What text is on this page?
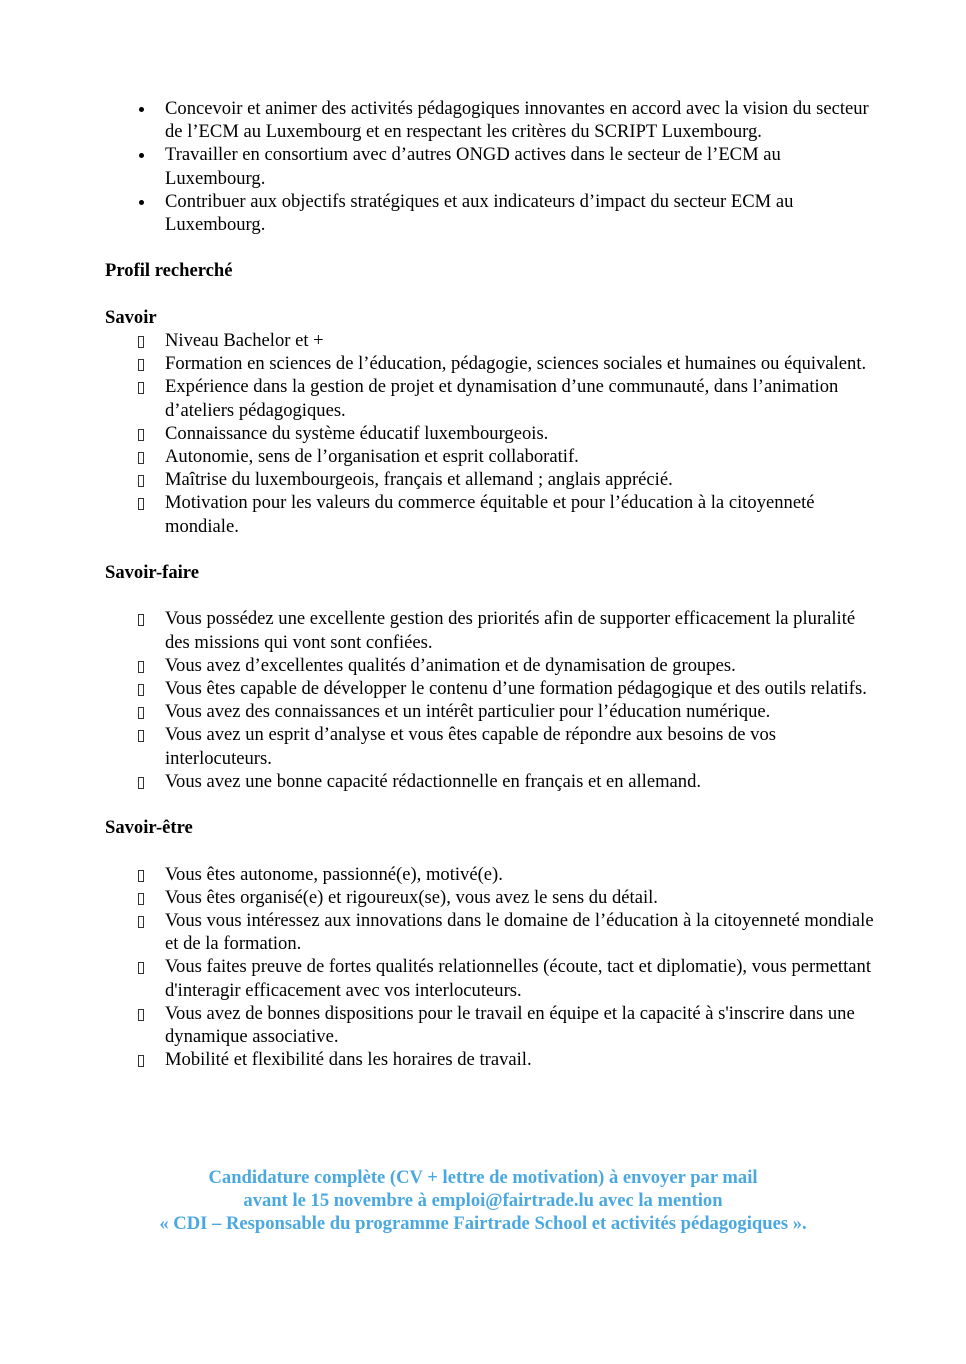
Concevoir et animer des activités pédagogiques innovantes en accord avec la vision du secteur de l’ECM au Luxembourg et en respectant les critères du SCRIPT Luxembourg.
Travailler en consortium avec d’autres ONGD actives dans le secteur de l’ECM au Luxembourg.
Contribuer aux objectifs stratégiques et aux indicateurs d’impact du secteur ECM au Luxembourg.
Profil recherché
Savoir
Niveau Bachelor et +
Formation en sciences de l’éducation, pédagogie, sciences sociales et humaines ou équivalent.
Expérience dans la gestion de projet et dynamisation d’une communauté, dans l’animation d’ateliers pédagogiques.
Connaissance du système éducatif luxembourgeois.
Autonomie, sens de l’organisation et esprit collaboratif.
Maîtrise du luxembourgeois, français et allemand ; anglais apprécié.
Motivation pour les valeurs du commerce équitable et pour l’éducation à la citoyenneté mondiale.
Savoir-faire
Vous possédez une excellente gestion des priorités afin de supporter efficacement la pluralité des missions qui vont sont confiées.
Vous avez d’excellentes qualités d’animation et de dynamisation de groupes.
Vous êtes capable de développer le contenu d’une formation pédagogique et des outils relatifs.
Vous avez des connaissances et un intérêt particulier pour l’éducation numérique.
Vous avez un esprit d’analyse et vous êtes capable de répondre aux besoins de vos interlocuteurs.
Vous avez une bonne capacité rédactionnelle en français et en allemand.
Savoir-être
Vous êtes autonome, passionné(e), motivé(e).
Vous êtes organisé(e) et rigoureux(se), vous avez le sens du détail.
Vous vous intéressez aux innovations dans le domaine de l’éducation à la citoyenneté mondiale et de la formation.
Vous faites preuve de fortes qualités relationnelles (écoute, tact et diplomatie), vous permettant d'interagir efficacement avec vos interlocuteurs.
Vous avez de bonnes dispositions pour le travail en équipe et la capacité à s'inscrire dans une dynamique associative.
Mobilité et flexibilité dans les horaires de travail.
Candidature complète (CV + lettre de motivation) à envoyer par mail
avant le 15 novembre à emploi@fairtrade.lu avec la mention
« CDI – Responsable du programme Fairtrade School et activités pédagogiques ».
